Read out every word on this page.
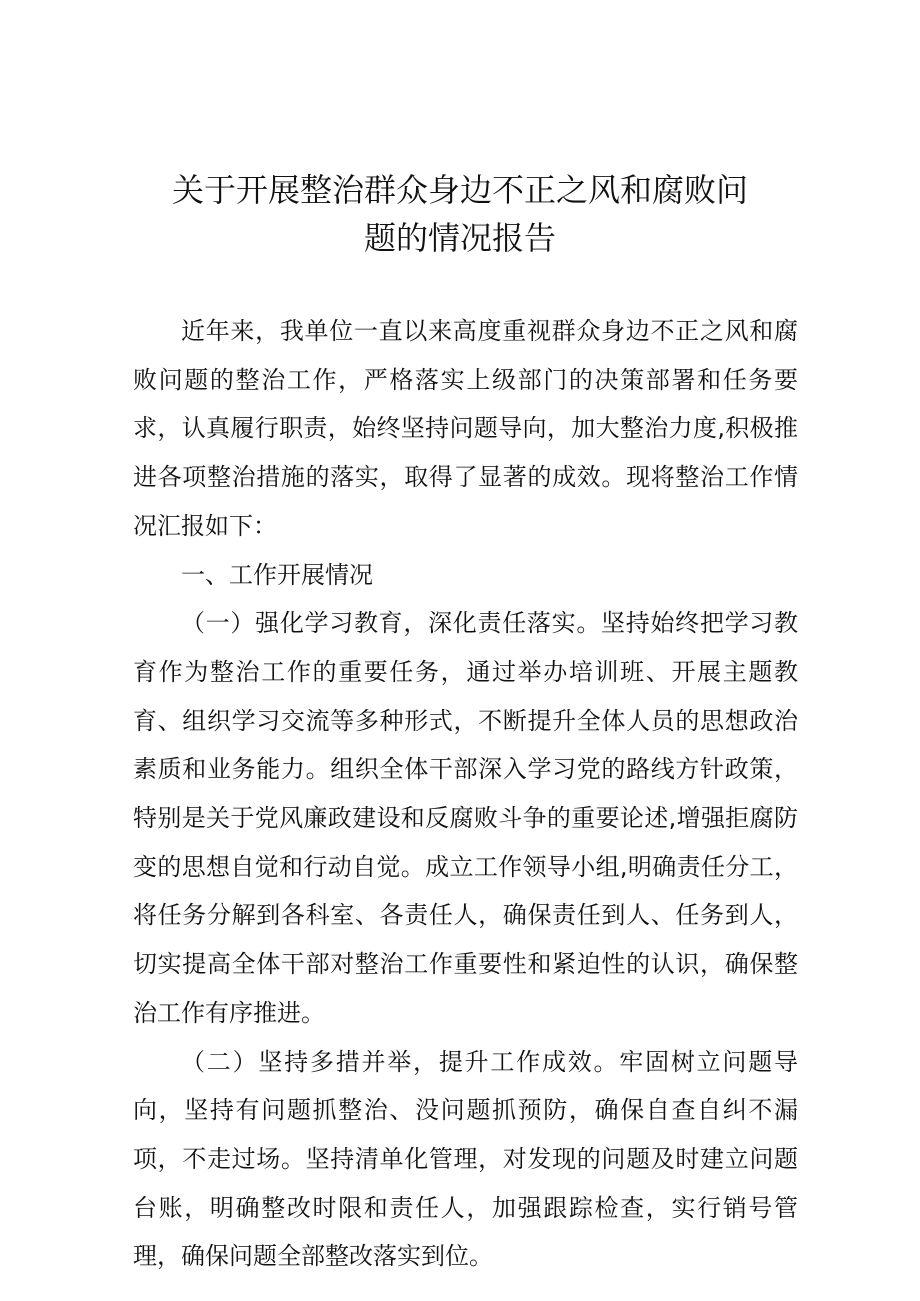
关于开展整治群众身边不正之风和腐败问
题的情况报告

近年来，我单位一直以来高度重视群众身边不正之风和腐败问题的整治工作，严格落实上级部门的决策部署和任务要求，认真履行职责，始终坚持问题导向，加大整治力度,积极推进各项整治措施的落实，取得了显著的成效。现将整治工作情况汇报如下：

一、工作开展情况

（一）强化学习教育，深化责任落实。坚持始终把学习教育作为整治工作的重要任务，通过举办培训班、开展主题教育、组织学习交流等多种形式，不断提升全体人员的思想政治素质和业务能力。组织全体干部深入学习党的路线方针政策，特别是关于党风廉政建设和反腐败斗争的重要论述,增强拒腐防变的思想自觉和行动自觉。成立工作领导小组,明确责任分工，将任务分解到各科室、各责任人，确保责任到人、任务到人，切实提高全体干部对整治工作重要性和紧迫性的认识，确保整治工作有序推进。

（二）坚持多措并举，提升工作成效。牢固树立问题导向，坚持有问题抓整治、没问题抓预防，确保自查自纠不漏项，不走过场。坚持清单化管理，对发现的问题及时建立问题台账，明确整改时限和责任人，加强跟踪检查，实行销号管理，确保问题全部整改落实到位。
